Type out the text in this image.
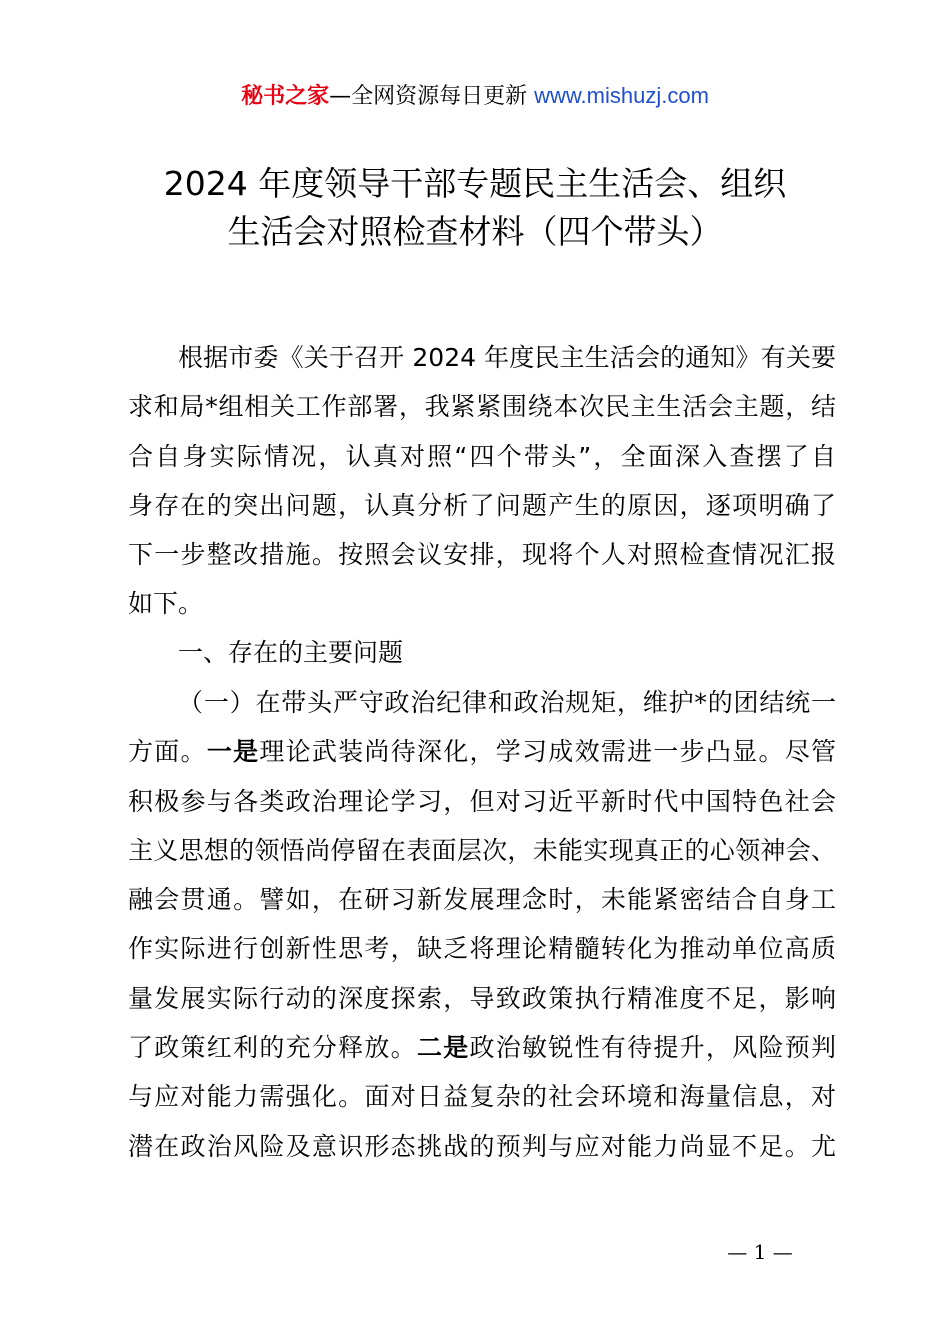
秘书之家—全网资源每日更新 www.mishuzj.com
2024 年度领导干部专题民主生活会、组织
生活会对照检查材料（四个带头）
根据市委《关于召开 2024 年度民主生活会的通知》有关要
求和局*组相关工作部署，我紧紧围绕本次民主生活会主题，结
合自身实际情况，认真对照“四个带头”，全面深入查摆了自
身存在的突出问题，认真分析了问题产生的原因，逐项明确了
下一步整改措施。按照会议安排，现将个人对照检查情况汇报
如下。
一、存在的主要问题
（一）在带头严守政治纪律和政治规矩，维护*的团结统一
方面。一是理论武装尚待深化，学习成效需进一步凸显。尽管
积极参与各类政治理论学习，但对习近平新时代中国特色社会
主义思想的领悟尚停留在表面层次，未能实现真正的心领神会、
融会贯通。譬如，在研习新发展理念时，未能紧密结合自身工
作实际进行创新性思考，缺乏将理论精髓转化为推动单位高质
量发展实际行动的深度探索，导致政策执行精准度不足，影响
了政策红利的充分释放。二是政治敏锐性有待提升，风险预判
与应对能力需强化。面对日益复杂的社会环境和海量信息，对
潜在政治风险及意识形态挑战的预判与应对能力尚显不足。尤
— 1 —
